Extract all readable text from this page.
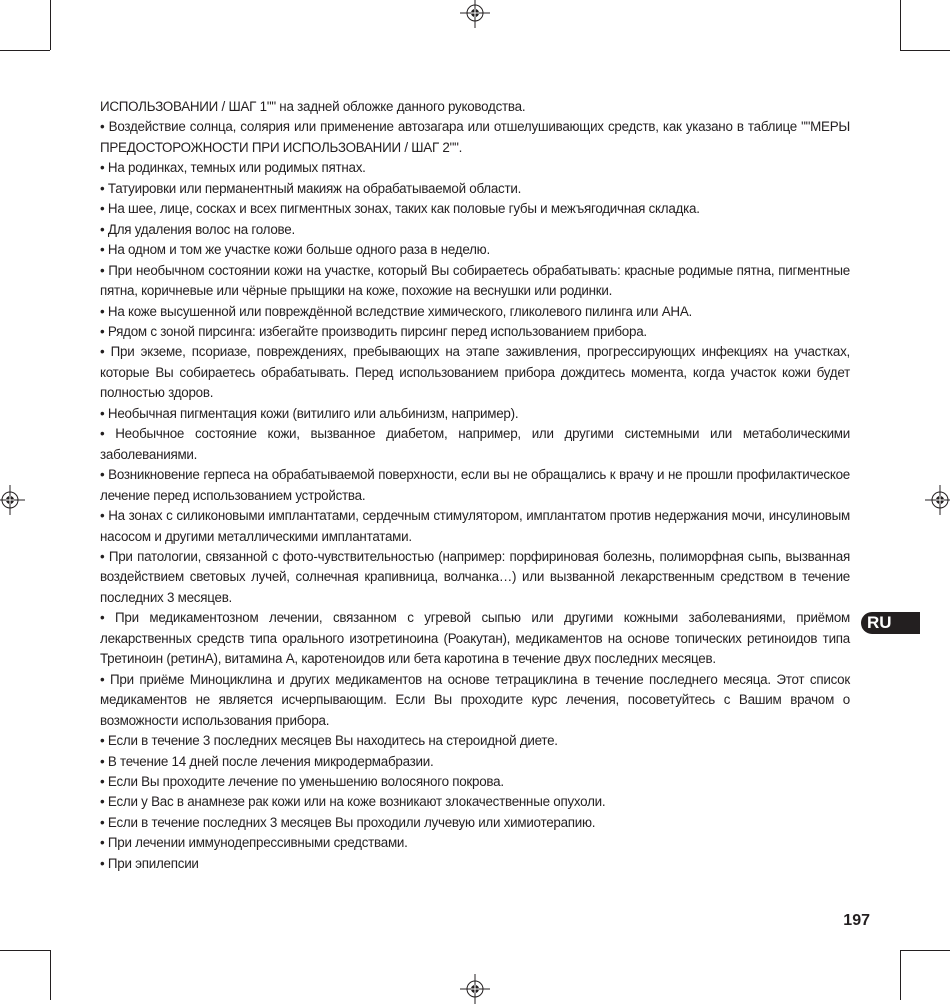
ИСПОЛЬЗОВАНИИ / ШАГ 1"" на задней обложке данного руководства.

• Воздействие солнца, солярия или применение автозагара или отшелушивающих средств, как указано в таблице ""МЕРЫ ПРЕДОСТОРОЖНОСТИ ПРИ ИСПОЛЬЗОВАНИИ / ШАГ 2"".

• На родинках, темных или родимых пятнах.

• Татуировки или перманентный макияж на обрабатываемой области.

• На шее, лице, сосках и всех пигментных зонах, таких как половые губы и межъягодичная складка.

• Для удаления волос на голове.

• На одном и том же участке кожи больше одного раза в неделю.

• При необычном состоянии кожи на участке, который Вы собираетесь обрабатывать: красные родимые пятна, пигментные пятна, коричневые или чёрные прыщики на коже, похожие на веснушки или родинки.

• На коже высушенной или повреждённой вследствие химического, гликолевого пилинга или AHA.

• Рядом с зоной пирсинга: избегайте производить пирсинг перед использованием прибора.

• При экземе, псориазе, повреждениях, пребывающих на этапе заживления, прогрессирующих инфекциях на участках, которые Вы собираетесь обрабатывать. Перед использованием прибора дождитесь момента, когда участок кожи будет полностью здоров.

• Необычная пигментация кожи (витилиго или альбинизм, например).

• Необычное состояние кожи, вызванное диабетом, например, или другими системными или метаболическими заболеваниями.

• Возникновение герпеса на обрабатываемой поверхности, если вы не обращались к врачу и не прошли профилактическое лечение перед использованием устройства.

• На зонах с силиконовыми имплантатами, сердечным стимулятором, имплантатом против недержания мочи, инсулиновым насосом и другими металлическими имплантатами.

• При патологии, связанной с фото-чувствительностью (например: порфириновая болезнь, полиморфная сыпь, вызванная воздействием световых лучей, солнечная крапивница, волчанка…) или вызванной лекарственным средством в течение последних 3 месяцев.

• При медикаментозном лечении, связанном с угревой сыпью или другими кожными заболеваниями, приёмом лекарственных средств типа орального изотретиноина (Роакутан), медикаментов на основе топических ретиноидов типа Третиноин (ретинА), витамина А, каротеноидов или бета каротина в течение двух последних месяцев.

• При приёме Миноциклина и других медикаментов на основе тетрациклина в течение последнего месяца. Этот список медикаментов не является исчерпывающим. Если Вы проходите курс лечения, посоветуйтесь с Вашим врачом о возможности использования прибора.

• Если в течение 3 последних месяцев Вы находитесь на стероидной диете.

• В течение 14 дней после лечения микродермабразии.

• Если Вы проходите лечение по уменьшению волосяного покрова.

• Если у Вас в анамнезе рак кожи или на коже возникают злокачественные опухоли.

• Если в течение последних 3 месяцев Вы проходили лучевую или химиотерапию.

• При лечении иммунодепрессивными средствами.

• При эпилепсии

RU
197
